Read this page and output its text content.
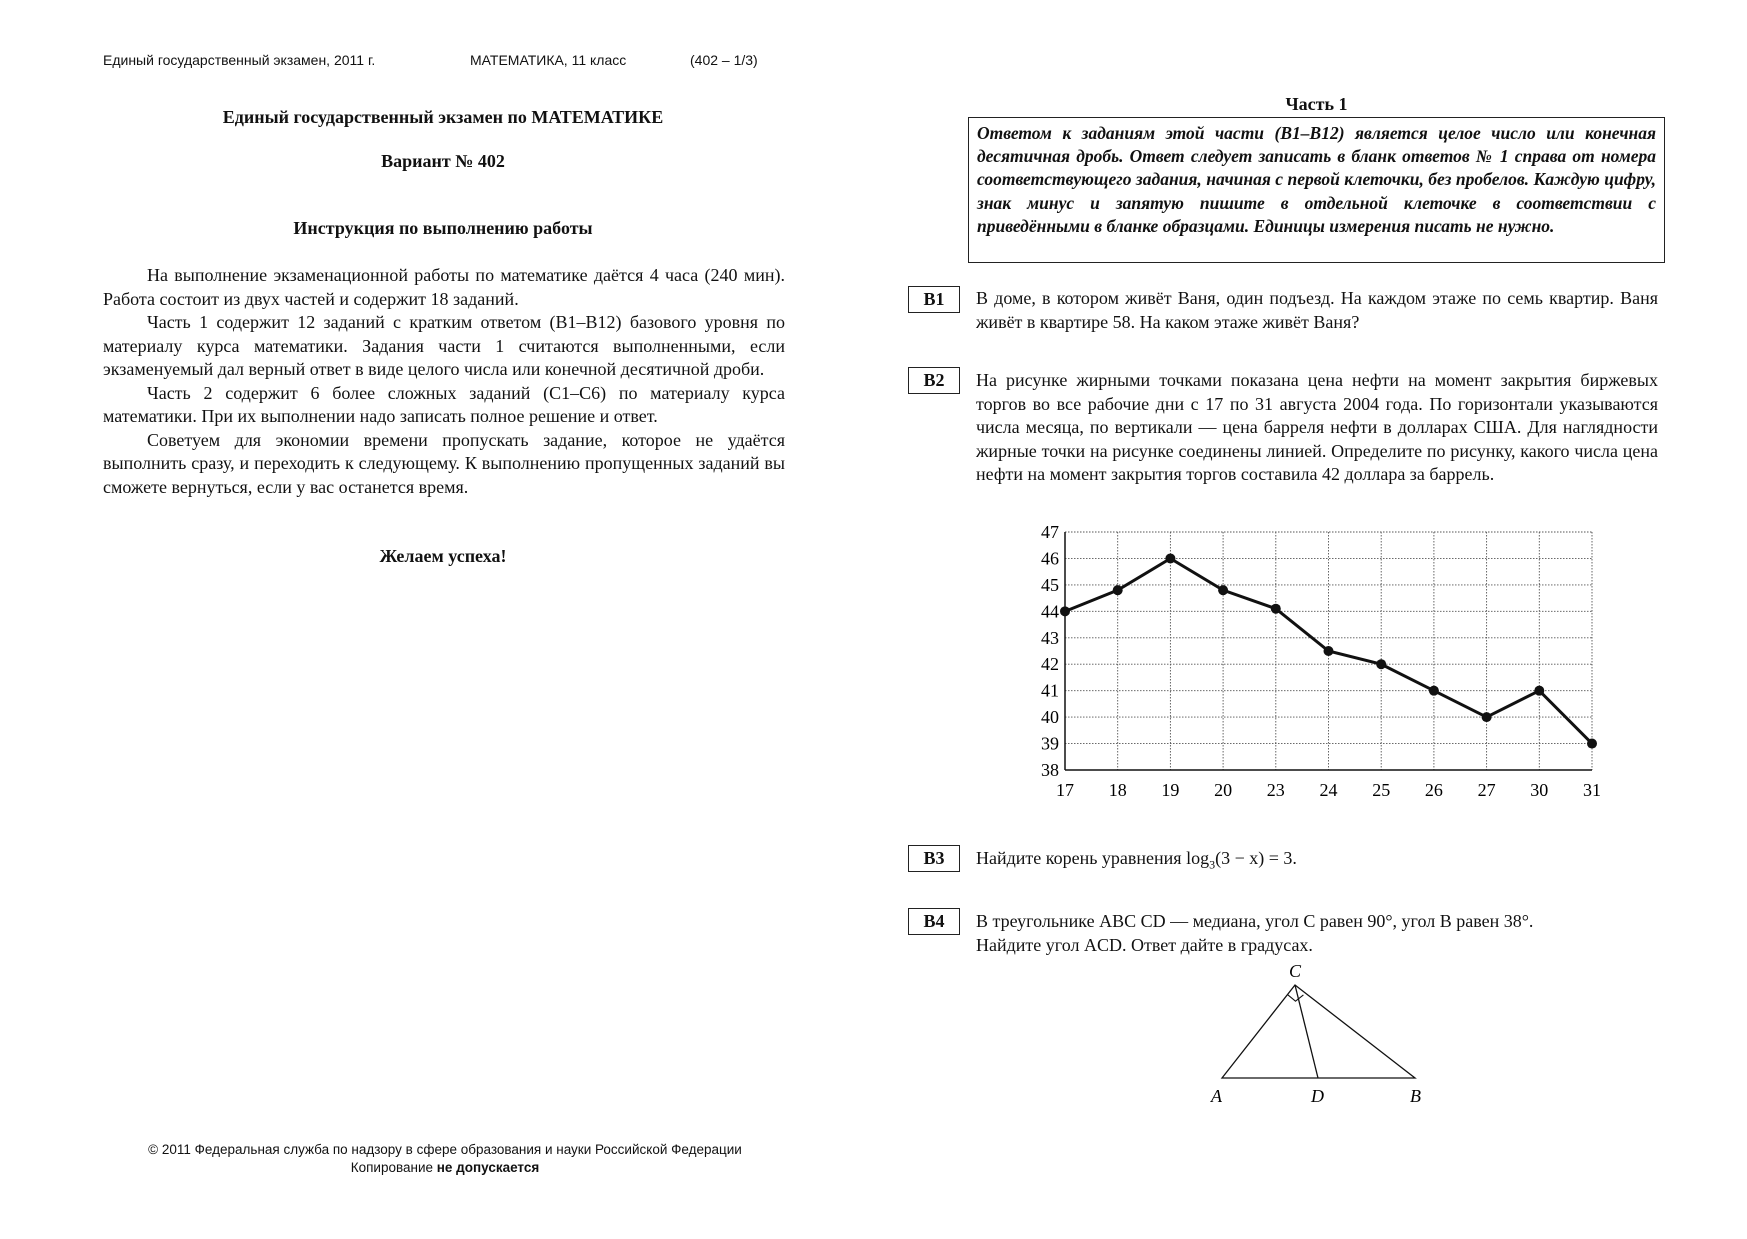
Единый государственный экзамен, 2011 г.	МАТЕМАТИКА, 11 класс	(402 – 1/3)
Единый государственный экзамен по МАТЕМАТИКЕ
Вариант № 402
Инструкция по выполнению работы

На выполнение экзаменационной работы по математике даётся 4 часа (240 мин). Работа состоит из двух частей и содержит 18 заданий.

Часть 1 содержит 12 заданий с кратким ответом (B1–B12) базового уровня по материалу курса математики. Задания части 1 считаются выполненными, если экзаменуемый дал верный ответ в виде целого числа или конечной десятичной дроби.

Часть 2 содержит 6 более сложных заданий (С1–С6) по материалу курса математики. При их выполнении надо записать полное решение и ответ.

Советуем для экономии времени пропускать задание, которое не удаётся выполнить сразу, и переходить к следующему. К выполнению пропущенных заданий вы сможете вернуться, если у вас останется время.

Желаем успеха!
© 2011 Федеральная служба по надзору в сфере образования и науки Российской Федерации
Копирование не допускается
Часть 1
Ответом к заданиям этой части (B1–B12) является целое число или конечная десятичная дробь. Ответ следует записать в бланк ответов № 1 справа от номера соответствующего задания, начиная с первой клеточки, без пробелов. Каждую цифру, знак минус и запятую пишите в отдельной клеточке в соответствии с приведёнными в бланке образцами. Единицы измерения писать не нужно.
B1	В доме, в котором живёт Ваня, один подъезд. На каждом этаже по семь квартир. Ваня живёт в квартире 58. На каком этаже живёт Ваня?
B2	На рисунке жирными точками показана цена нефти на момент закрытия биржевых торгов во все рабочие дни с 17 по 31 августа 2004 года. По горизонтали указываются числа месяца, по вертикали — цена барреля нефти в долларах США. Для наглядности жирные точки на рисунке соединены линией. Определите по рисунку, какого числа цена нефти на момент закрытия торгов составила 42 доллара за баррель.
47
46
45
44
43
42
41
40
39
38
17 18 19 20 23 24 25 26 27 30 31
B3	Найдите корень уравнения $\log_3(3 - x) = 3$.
B4	В треугольнике ABC CD — медиана, угол C равен 90°, угол B равен 38°.
Найдите угол ACD. Ответ дайте в градусах.
C
A	D	B
